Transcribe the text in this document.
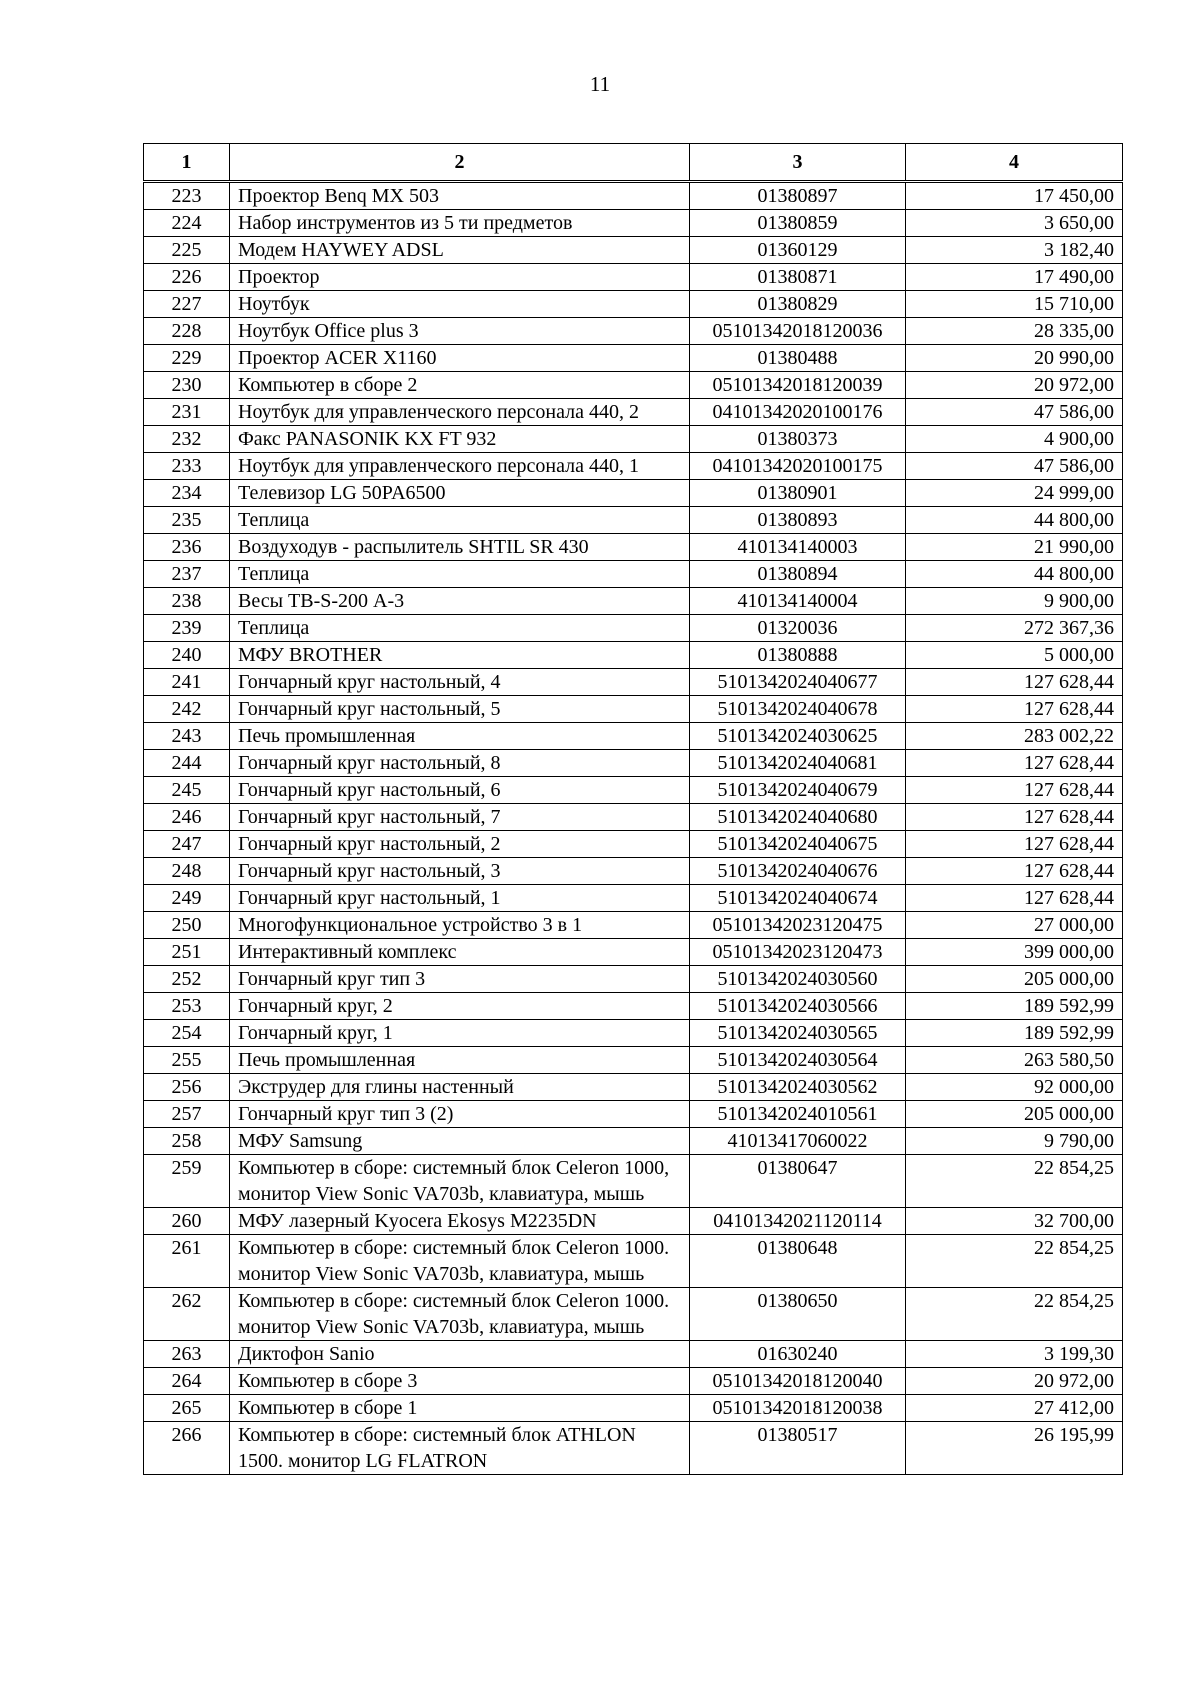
11
1	2	3	4
223	Проектор Benq MX 503	01380897	17 450,00
224	Набор инструментов из 5 ти предметов	01380859	3 650,00
225	Модем HAYWEY ADSL	01360129	3 182,40
226	Проектор	01380871	17 490,00
227	Ноутбук	01380829	15 710,00
228	Ноутбук Office plus 3	05101342018120036	28 335,00
229	Проектор ACER X1160	01380488	20 990,00
230	Компьютер в сборе 2	05101342018120039	20 972,00
231	Ноутбук для управленческого персонала 440, 2	04101342020100176	47 586,00
232	Факс PANASONIK KX FT 932	01380373	4 900,00
233	Ноутбук для управленческого персонала 440, 1	04101342020100175	47 586,00
234	Телевизор LG 50PA6500	01380901	24 999,00
235	Теплица	01380893	44 800,00
236	Воздуходув - распылитель SHTIL SR 430	410134140003	21 990,00
237	Теплица	01380894	44 800,00
238	Весы ТВ-S-200 А-3	410134140004	9 900,00
239	Теплица	01320036	272 367,36
240	МФУ BROTHER	01380888	5 000,00
241	Гончарный круг настольный, 4	5101342024040677	127 628,44
242	Гончарный круг настольный, 5	5101342024040678	127 628,44
243	Печь промышленная	5101342024030625	283 002,22
244	Гончарный круг настольный, 8	5101342024040681	127 628,44
245	Гончарный круг настольный, 6	5101342024040679	127 628,44
246	Гончарный круг настольный, 7	5101342024040680	127 628,44
247	Гончарный круг настольный, 2	5101342024040675	127 628,44
248	Гончарный круг настольный, 3	5101342024040676	127 628,44
249	Гончарный круг настольный, 1	5101342024040674	127 628,44
250	Многофункциональное устройство 3 в 1	05101342023120475	27 000,00
251	Интерактивный комплекс	05101342023120473	399 000,00
252	Гончарный круг тип 3	5101342024030560	205 000,00
253	Гончарный круг, 2	5101342024030566	189 592,99
254	Гончарный круг, 1	5101342024030565	189 592,99
255	Печь промышленная	5101342024030564	263 580,50
256	Экструдер для глины настенный	5101342024030562	92 000,00
257	Гончарный круг тип 3 (2)	5101342024010561	205 000,00
258	МФУ Samsung	41013417060022	9 790,00
259	Компьютер в сборе: системный блок Celeron 1000, монитор View Sonic VA703b, клавиатура, мышь	01380647	22 854,25
260	МФУ лазерный Kyocera Ekosys M2235DN	04101342021120114	32 700,00
261	Компьютер в сборе: системный блок Celeron 1000. монитор View Sonic VA703b, клавиатура, мышь	01380648	22 854,25
262	Компьютер в сборе: системный блок Celeron 1000. монитор View Sonic VA703b, клавиатура, мышь	01380650	22 854,25
263	Диктофон Sanio	01630240	3 199,30
264	Компьютер в сборе 3	05101342018120040	20 972,00
265	Компьютер в сборе 1	05101342018120038	27 412,00
266	Компьютер в сборе: системный блок ATHLON 1500. монитор LG FLATRON	01380517	26 195,99
